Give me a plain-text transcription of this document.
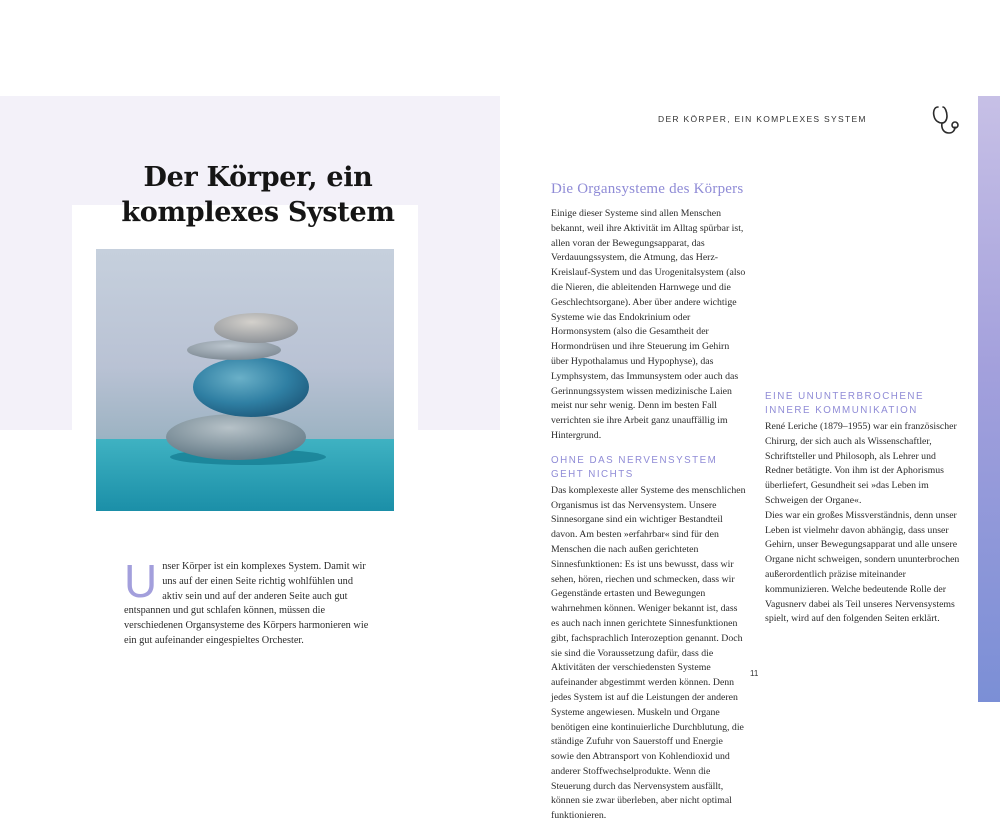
Der Körper, ein komplexes System

Unser Körper ist ein komplexes System. Damit wir uns auf der einen Seite richtig wohlfühlen und aktiv sein und auf der anderen Seite auch gut entspannen und gut schlafen können, müssen die verschiedenen Organsysteme des Körpers harmonieren wie ein gut aufeinander eingespieltes Orchester.

DER KÖRPER, EIN KOMPLEXES SYSTEM

Die Organsysteme des Körpers

Einige dieser Systeme sind allen Menschen bekannt, weil ihre Aktivität im Alltag spürbar ist, allen voran der Bewegungsapparat, das Verdauungssystem, die Atmung, das Herz-Kreislauf-System und das Urogenitalsystem (also die Nieren, die ableitenden Harnwege und die Geschlechtsorgane). Aber über andere wichtige Systeme wie das Endokrinium oder Hormonsystem (also die Gesamtheit der Hormondrüsen und ihre Steuerung im Gehirn über Hypothalamus und Hypophyse), das Lymphsystem, das Immunsystem oder auch das Gerinnungssystem wissen medizinische Laien meist nur sehr wenig. Denn im besten Fall verrichten sie ihre Arbeit ganz unauffällig im Hintergrund.

OHNE DAS NERVENSYSTEM GEHT NICHTS

Das komplexeste aller Systeme des menschlichen Organismus ist das Nervensystem. Unsere Sinnesorgane sind ein wichtiger Bestandteil davon. Am besten »erfahrbar« sind für den Menschen die nach außen gerichteten Sinnesfunktionen: Es ist uns bewusst, dass wir sehen, hören, riechen und schmecken, dass wir Gegenstände ertasten und Bewegungen wahrnehmen können. Weniger bekannt ist, dass es auch nach innen gerichtete Sinnesfunktionen gibt, fachsprachlich Interozeption genannt. Doch sie sind die Voraussetzung dafür, dass die Aktivitäten der verschiedensten Systeme aufeinander abgestimmt werden können. Denn jedes System ist auf die Leistungen der anderen Systeme angewiesen. Muskeln und Organe benötigen eine kontinuierliche Durchblutung, die ständige Zufuhr von Sauerstoff und Energie sowie den Abtransport von Kohlendioxid und anderer Stoffwechselprodukte. Wenn die Steuerung durch das Nervensystem ausfällt, können sie zwar überleben, aber nicht optimal funktionieren.

EINE UNUNTERBROCHENE INNERE KOMMUNIKATION

René Leriche (1879–1955) war ein französischer Chirurg, der sich auch als Wissenschaftler, Schriftsteller und Philosoph, als Lehrer und Redner betätigte. Von ihm ist der Aphorismus überliefert, Gesundheit sei »das Leben im Schweigen der Organe«.

Dies war ein großes Missverständnis, denn unser Leben ist vielmehr davon abhängig, dass unser Gehirn, unser Bewegungsapparat und alle unsere Organe nicht schweigen, sondern ununterbrochen außerordentlich präzise miteinander kommunizieren. Welche bedeutende Rolle der Vagusnerv dabei als Teil unseres Nervensystems spielt, wird auf den folgenden Seiten erklärt.

11
